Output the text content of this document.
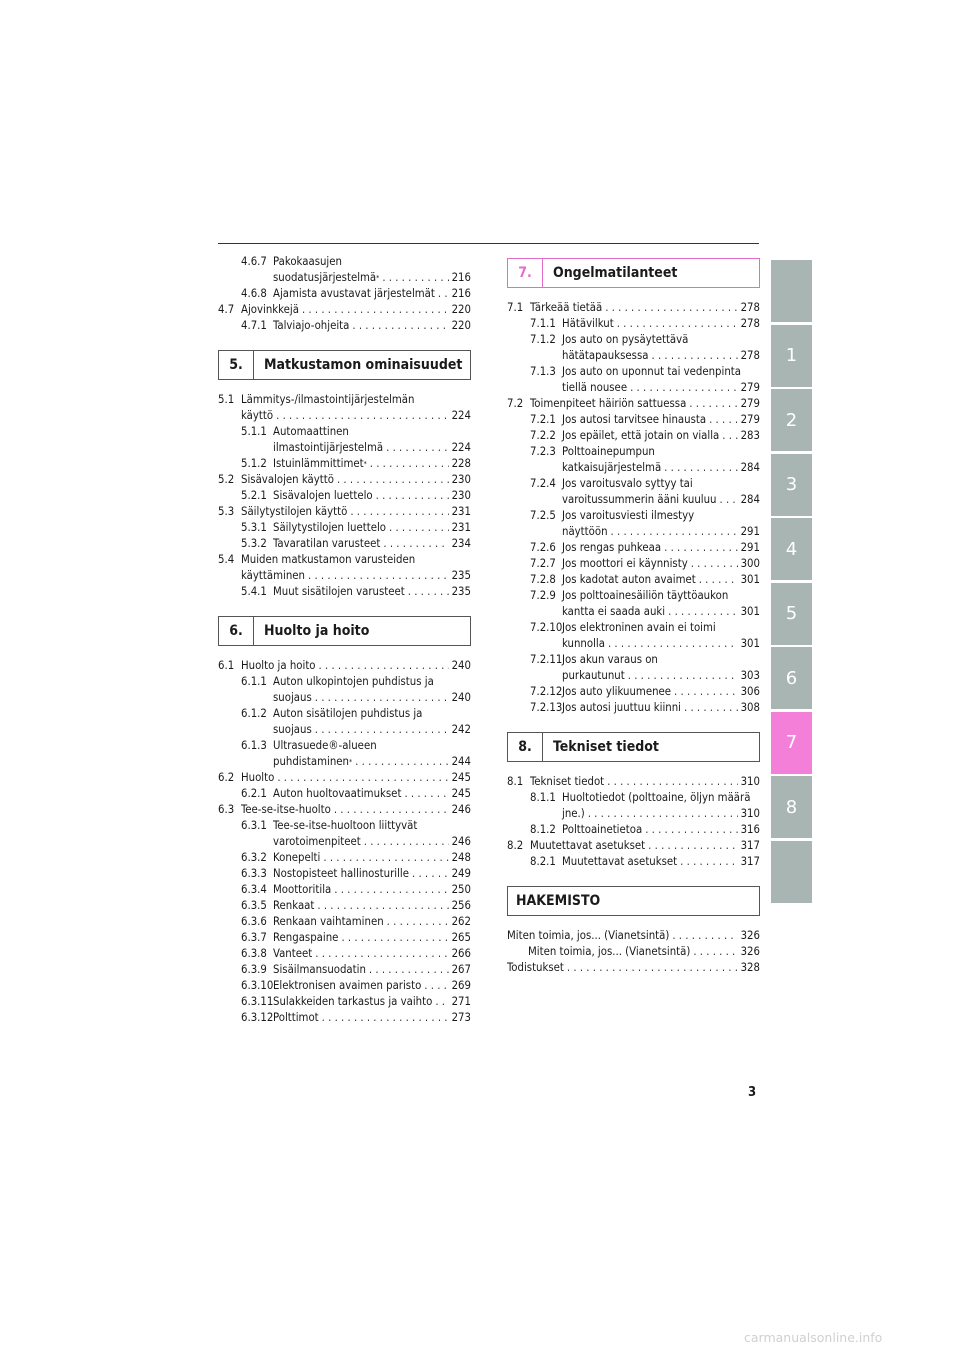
4.6.7 Pakokaasujen
suodatusjärjestelmä * . . .	216
4.6.8 Ajamista avustavat järjestelmät . . . 216
4.7 Ajovinkkejä . . .	220
4.7.1 Talviajo-ohjeita . . .	220
5.	Matkustamon ominaisuudet
5.1 Lämmitys-/ilmastointijärjestelmän
käyttö . . .	224
5.1.1 Automaattinen
ilmastointijärjestelmä . . .	224
5.1.2 Istuinlämmittimet * . . .	228
5.2 Sisävalojen käyttö . . .	230
5.2.1 Sisävalojen luettelo . . .	230
5.3 Säilytystilojen käyttö . . .	231
5.3.1 Säilytystilojen luettelo . . .	231
5.3.2 Tavaratilan varusteet . . .	234
5.4 Muiden matkustamon varusteiden
käyttäminen . . .	235
5.4.1 Muut sisätilojen varusteet . . .	235
6.	Huolto ja hoito
6.1 Huolto ja hoito . . .	240
6.1.1 Auton ulkopintojen puhdistus ja
suojaus . . .	240
6.1.2 Auton sisätilojen puhdistus ja
suojaus . . .	242
6.1.3 Ultrasuede®-alueen
puhdistaminen * . . .	244
6.2 Huolto . . .	245
6.2.1 Auton huoltovaatimukset . . .	245
6.3 Tee-se-itse-huolto . . .	246
6.3.1 Tee-se-itse-huoltoon liittyvät
varotoimenpiteet . . .	246
6.3.2 Konepelti . . .	248
6.3.3 Nostopisteet hallinosturille . . .	249
6.3.4 Moottoritila . . .	250
6.3.5 Renkaat . . .	256
6.3.6 Renkaan vaihtaminen . . .	262
6.3.7 Rengaspaine . . .	265
6.3.8 Vanteet . . .	266
6.3.9 Sisäilmansuodatin . . .	267
6.3.10 Elektronisen avaimen paristo . . .	269
6.3.11 Sulakkeiden tarkastus ja vaihto . . . 271
6.3.12 Polttimot . . .	273
7.	Ongelmatilanteet
7.1 Tärkeää tietää . . .	278
7.1.1 Hätävilkut . . .	278
7.1.2 Jos auto on pysäytettävä
hätätapauksessa . . .	278
7.1.3 Jos auto on uponnut tai vedenpinta
tiellä nousee . . .	279
7.2 Toimenpiteet häiriön sattuessa . . .	279
7.2.1 Jos autosi tarvitsee hinausta . . .	279
7.2.2 Jos epäilet, että jotain on vialla . . . 283
7.2.3 Polttoainepumpun
katkaisujärjestelmä . . .	284
7.2.4 Jos varoitusvalo syttyy tai
varoitussummerin ääni kuuluu . . . 284
7.2.5 Jos varoitusviesti ilmestyy
näyttöön . . .	291
7.2.6 Jos rengas puhkeaa . . .	291
7.2.7 Jos moottori ei käynnisty . . .	300
7.2.8 Jos kadotat auton avaimet . . .	301
7.2.9 Jos polttoainesäiliön täyttöaukon
kantta ei saada auki . . .	301
7.2.10 Jos elektroninen avain ei toimi
kunnolla . . .	301
7.2.11 Jos akun varaus on
purkautunut . . .	303
7.2.12 Jos auto ylikuumenee . . .	306
7.2.13 Jos autosi juuttuu kiinni . . .	308
8.	Tekniset tiedot
8.1 Tekniset tiedot . . .	310
8.1.1 Huoltotiedot (polttoaine, öljyn määrä
jne.) . . .	310
8.1.2 Polttoainetietoa . . .	316
8.2 Muutettavat asetukset . . .	317
8.2.1 Muutettavat asetukset . . .	317
HAKEMISTO
Miten toimia, jos... (Vianetsintä) . . .	326
Miten toimia, jos... (Vianetsintä) . . .	326
Todistukset . . .	328
1
2
3
4
5
6
7
8
3
carmanualsonline.info
